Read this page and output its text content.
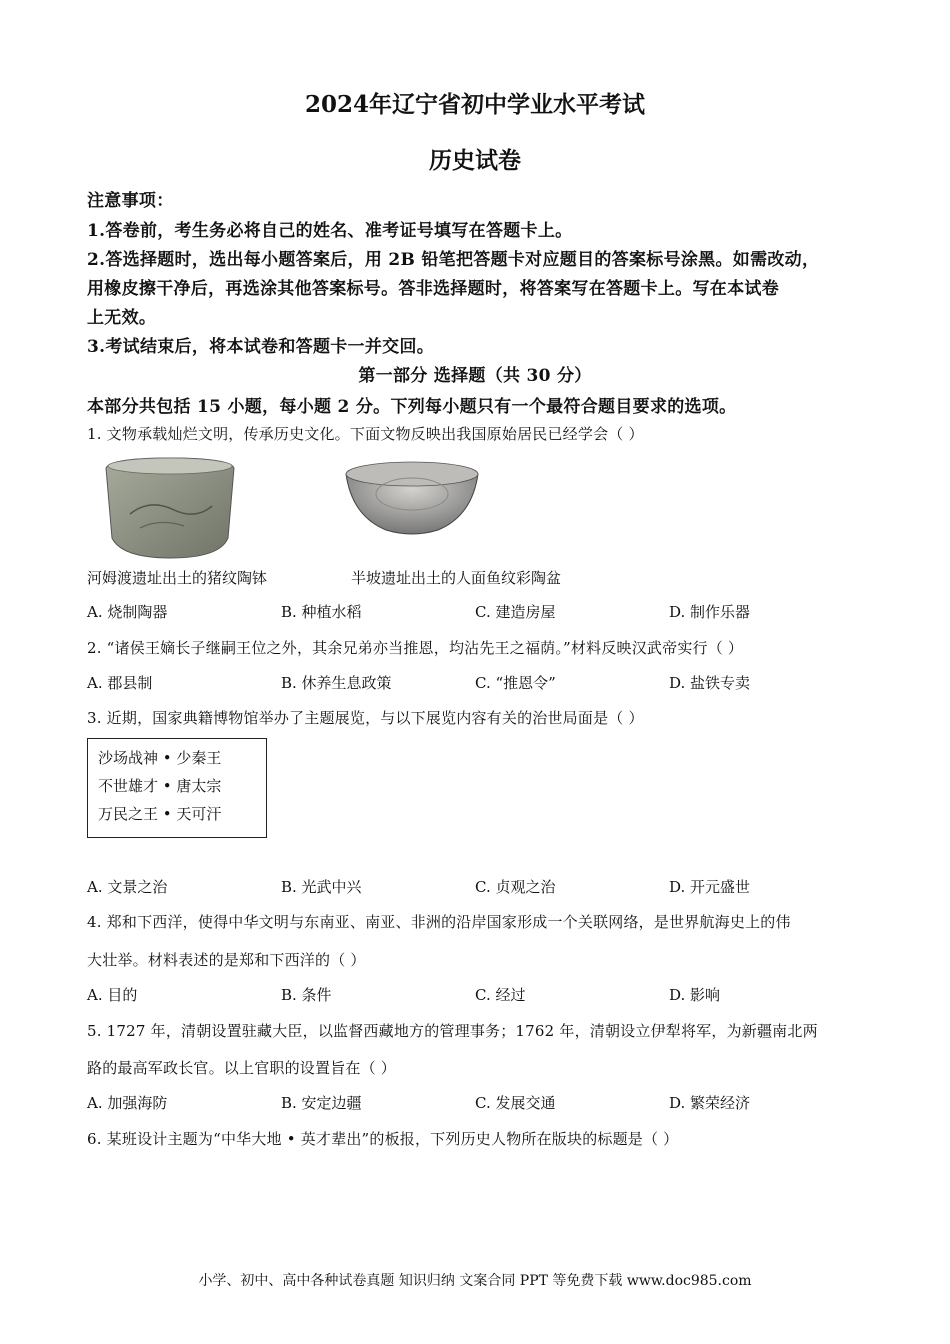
2024年辽宁省初中学业水平考试
历史试卷
注意事项：
1.答卷前，考生务必将自己的姓名、准考证号填写在答题卡上。
2.答选择题时，选出每小题答案后，用 2B 铅笔把答题卡对应题目的答案标号涂黑。如需改动，
用橡皮擦干净后，再选涂其他答案标号。答非选择题时，将答案写在答题卡上。写在本试卷
上无效。
3.考试结束后，将本试卷和答题卡一并交回。
第一部分 选择题（共 30 分）
本部分共包括 15 小题，每小题 2 分。下列每小题只有一个最符合题目要求的选项。
1. 文物承载灿烂文明，传承历史文化。下面文物反映出我国原始居民已经学会（ ）
河姆渡遗址出土的猪纹陶钵	半坡遗址出土的人面鱼纹彩陶盆
A. 烧制陶器	B. 种植水稻	C. 建造房屋	D. 制作乐器
2. “诸侯王嫡长子继嗣王位之外，其余兄弟亦当推恩，均沾先王之福荫。”材料反映汉武帝实行（ ）
A. 郡县制	B. 休养生息政策	C. “推恩令”	D. 盐铁专卖
3. 近期，国家典籍博物馆举办了主题展览，与以下展览内容有关的治世局面是（ ）
沙场战神 • 少秦王
不世雄才 • 唐太宗
万民之王 • 天可汗
A. 文景之治	B. 光武中兴	C. 贞观之治	D. 开元盛世
4. 郑和下西洋，使得中华文明与东南亚、南亚、非洲的沿岸国家形成一个关联网络，是世界航海史上的伟
大壮举。材料表述的是郑和下西洋的（ ）
A. 目的	B. 条件	C. 经过	D. 影响
5. 1727 年，清朝设置驻藏大臣，以监督西藏地方的管理事务；1762 年，清朝设立伊犁将军，为新疆南北两
路的最高军政长官。以上官职的设置旨在（ ）
A. 加强海防	B. 安定边疆	C. 发展交通	D. 繁荣经济
6. 某班设计主题为“中华大地 • 英才辈出”的板报，下列历史人物所在版块的标题是（ ）
小学、初中、高中各种试卷真题 知识归纳 文案合同 PPT 等免费下载 www.doc985.com
